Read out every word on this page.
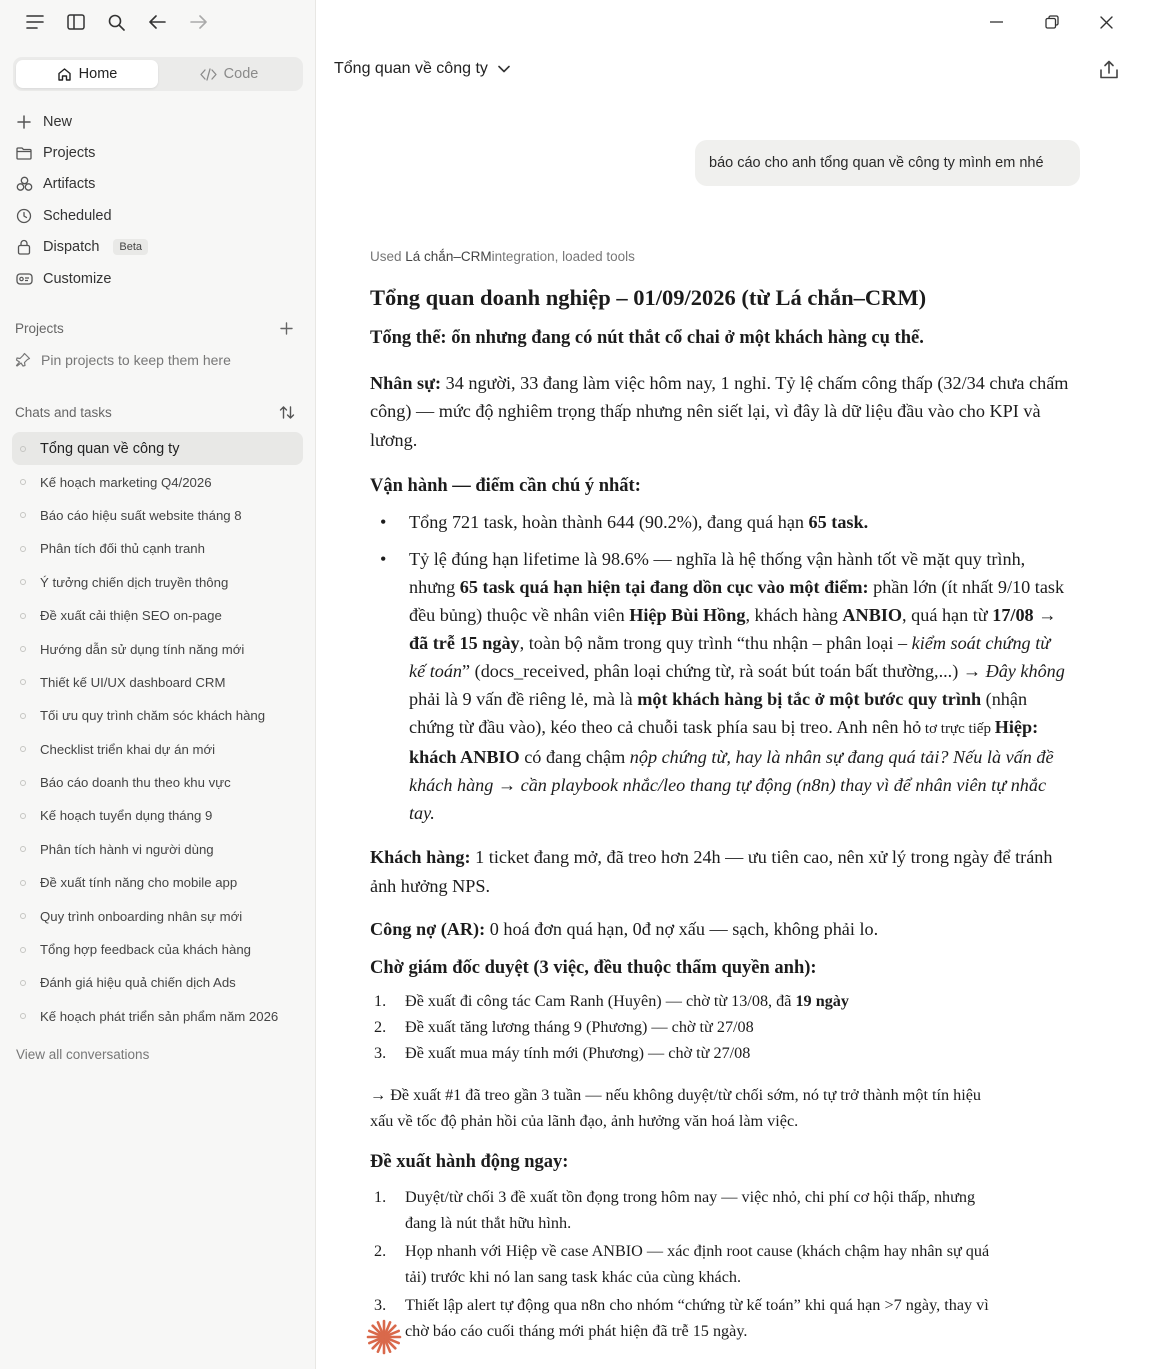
Home	Code
New
Projects
Artifacts
Scheduled
Dispatch	Beta
Customize
Projects
Pin projects to keep them here
Chats and tasks
Tổng quan về công ty
Kế hoạch marketing Q4/2026
Báo cáo hiệu suất website tháng 8
Phân tích đối thủ cạnh tranh
Ý tưởng chiến dịch truyền thông
Đề xuất cải thiện SEO on-page
Hướng dẫn sử dụng tính năng mới
Thiết kế UI/UX dashboard CRM
Tối ưu quy trình chăm sóc khách hàng
Checklist triển khai dự án mới
Báo cáo doanh thu theo khu vực
Kế hoạch tuyển dụng tháng 9
Phân tích hành vi người dùng
Đề xuất tính năng cho mobile app
Quy trình onboarding nhân sự mới
Tổng hợp feedback của khách hàng
Đánh giá hiệu quả chiến dịch Ads
Kế hoạch phát triển sản phẩm năm 2026
View all conversations
Tổng quan về công ty
báo cáo cho anh tổng quan về công ty mình em nhé
Used Lá chắn–CRMintegration, loaded tools
Tổng quan doanh nghiệp – 01/09/2026 (từ Lá chắn–CRM)
Tổng thể: ổn nhưng đang có nút thắt cổ chai ở một khách hàng cụ thể.
Nhân sự: 34 người, 33 đang làm việc hôm nay, 1 nghỉ. Tỷ lệ chấm công thấp (32/34 chưa chấm công) — mức độ nghiêm trọng thấp nhưng nên siết lại, vì đây là dữ liệu đầu vào cho KPI và lương.
Vận hành — điểm cần chú ý nhất:
• Tổng 721 task, hoàn thành 644 (90.2%), đang quá hạn 65 task.
• Tỷ lệ đúng hạn lifetime là 98.6% — nghĩa là hệ thống vận hành tốt về mặt quy trình, nhưng 65 task quá hạn hiện tại đang dồn cục vào một điểm: phần lớn (ít nhất 9/10 task đều bủng) thuộc về nhân viên Hiệp Bùi Hồng, khách hàng ANBIO, quá hạn từ 17/08 → đã trễ 15 ngày, toàn bộ nằm trong quy trình “thu nhận – phân loại – kiểm soát chứng từ kế toán” (docs_received, phân loại chứng từ, rà soát bút toán bất thường,...) → Đây không phải là 9 vấn đề riêng lẻ, mà là một khách hàng bị tắc ở một bước quy trình (nhận chứng từ đầu vào), kéo theo cả chuỗi task phía sau bị treo. Anh nên hỏ tơ trực tiếp Hiệp: khách ANBIO có đang chậm nộp chứng từ, hay là nhân sự đang quá tải? Nếu là vấn đề khách hàng → cần playbook nhắc/leo thang tự động (n8n) thay vì để nhân viên tự nhắc tay.
Khách hàng: 1 ticket đang mở, đã treo hơn 24h — ưu tiên cao, nên xử lý trong ngày để tránh ảnh hưởng NPS.
Công nợ (AR): 0 hoá đơn quá hạn, 0đ nợ xấu — sạch, không phải lo.
Chờ giám đốc duyệt (3 việc, đều thuộc thẩm quyền anh):
1. Đề xuất đi công tác Cam Ranh (Huyên) — chờ từ 13/08, đã 19 ngày
2. Đề xuất tăng lương tháng 9 (Phương) — chờ từ 27/08
3. Đề xuất mua máy tính mới (Phương) — chờ từ 27/08
→ Đề xuất #1 đã treo gần 3 tuần — nếu không duyệt/từ chối sớm, nó tự trở thành một tín hiệu xấu về tốc độ phản hồi của lãnh đạo, ảnh hưởng văn hoá làm việc.
Đề xuất hành động ngay:
1. Duyệt/từ chối 3 đề xuất tồn đọng trong hôm nay — việc nhỏ, chi phí cơ hội thấp, nhưng đang là nút thắt hữu hình.
2. Họp nhanh với Hiệp về case ANBIO — xác định root cause (khách chậm hay nhân sự quá tải) trước khi nó lan sang task khác của cùng khách.
3. Thiết lập alert tự động qua n8n cho nhóm “chứng từ kế toán” khi quá hạn >7 ngày, thay vì chờ báo cáo cuối tháng mới phát hiện đã trễ 15 ngày.
